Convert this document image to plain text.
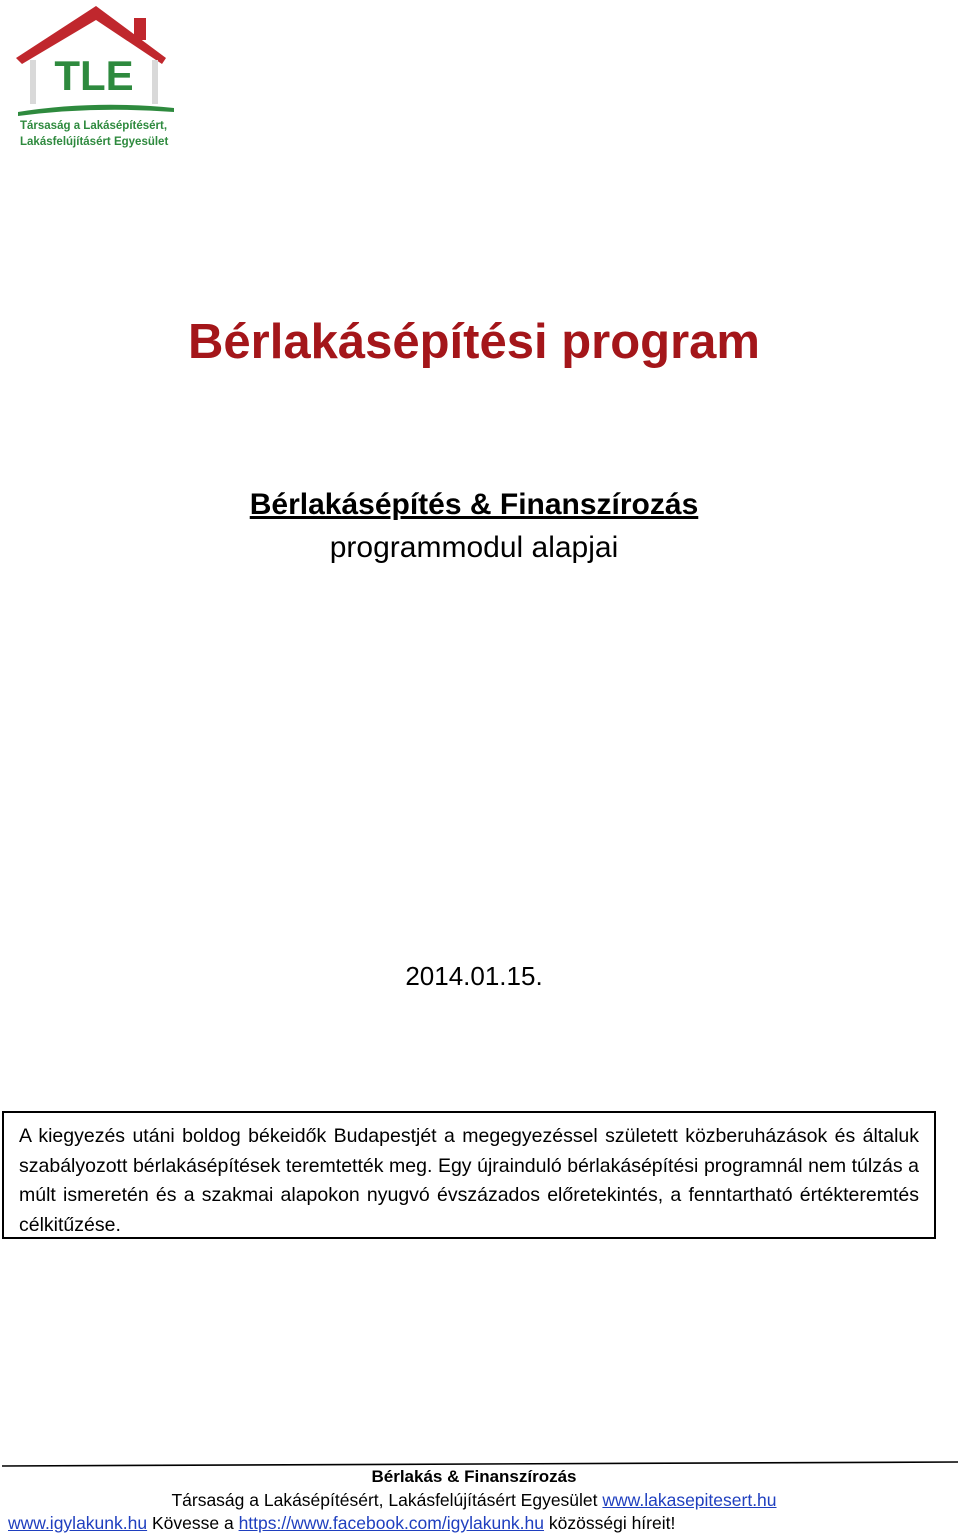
TLE
Társaság a Lakásépítésért,
Lakásfelújításért Egyesület
Bérlakásépítési program
Bérlakásépítés & Finanszírozás
programmodul alapjai
2014.01.15.
A kiegyezés utáni boldog békeidők Budapestjét a megegyezéssel született közberuházások és általuk szabályozott bérlakásépítések teremtették meg. Egy újrainduló bérlakásépítési programnál nem túlzás a múlt ismeretén és a szakmai alapokon nyugvó évszázados előretekintés, a fenntartható értékteremtés célkitűzése.
Bérlakás & Finanszírozás
Társaság a Lakásépítésért, Lakásfelújításért Egyesület www.lakasepitesert.hu
www.igylakunk.hu Kövesse a https://www.facebook.com/igylakunk.hu közösségi híreit!
